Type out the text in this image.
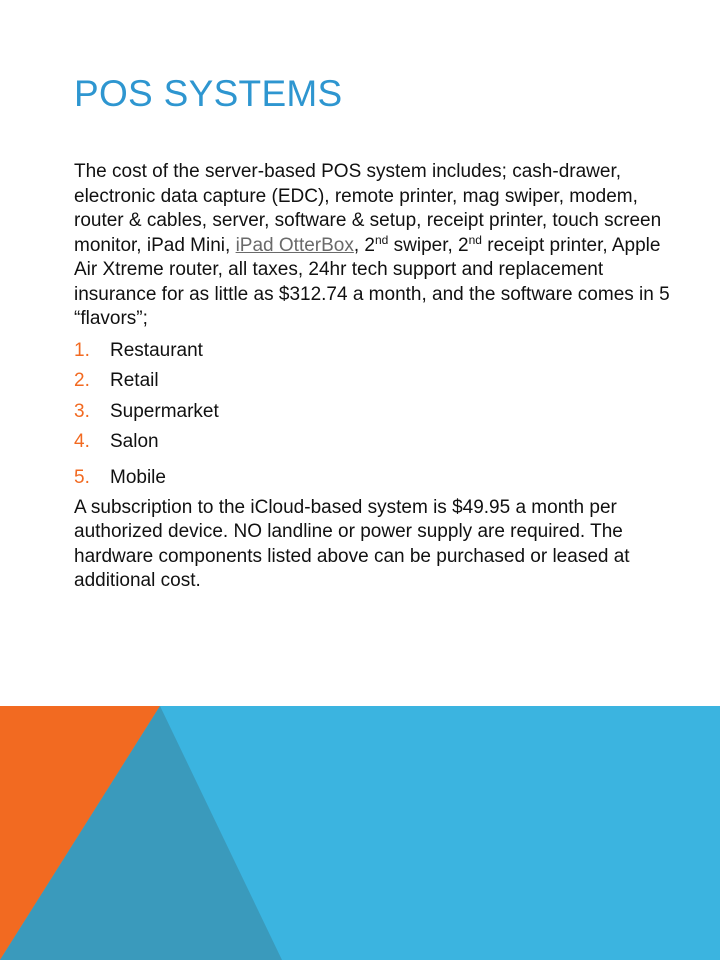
POS SYSTEMS

The cost of the server-based POS system includes; cash-drawer, electronic data capture (EDC), remote printer, mag swiper, modem, router & cables, server, software & setup, receipt printer, touch screen monitor, iPad Mini, iPad OtterBox, 2nd swiper, 2nd receipt printer, Apple Air Xtreme router, all taxes, 24hr tech support and replacement insurance for as little as $312.74 a month, and the software comes in 5 “flavors”;

1.	Restaurant
2.	Retail
3.	Supermarket
4.	Salon
5.	Mobile

A subscription to the iCloud-based system is $49.95 a month per authorized device. NO landline or power supply are required. The hardware components listed above can be purchased or leased at additional cost.
